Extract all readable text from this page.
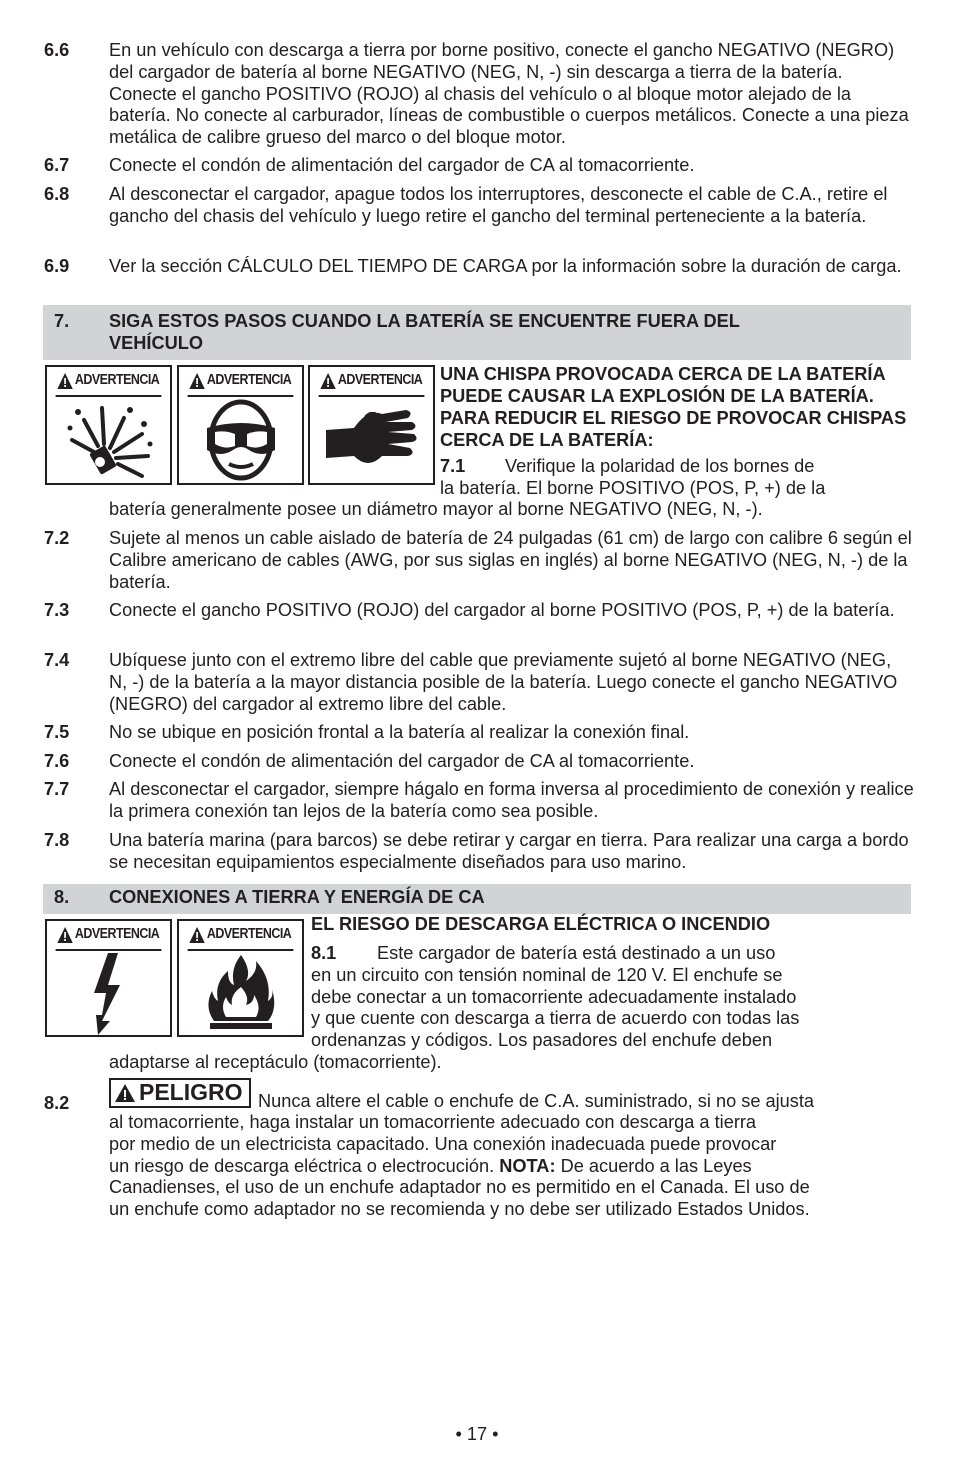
6.6 En un vehículo con descarga a tierra por borne positivo, conecte el gancho NEGATIVO (NEGRO) del cargador de batería al borne NEGATIVO (NEG, N, -) sin descarga a tierra de la batería. Conecte el gancho POSITIVO (ROJO) al chasis del vehículo o al bloque motor alejado de la batería. No conecte al carburador, líneas de combustible o cuerpos metálicos. Conecte a una pieza metálica de calibre grueso del marco o del bloque motor.
6.7 Conecte el condón de alimentación del cargador de CA al tomacorriente.
6.8 Al desconectar el cargador, apague todos los interruptores, desconecte el cable de C.A., retire el gancho del chasis del vehículo y luego retire el gancho del terminal perteneciente a la batería.
6.9 Ver la sección CÁLCULO DEL TIEMPO DE CARGA por la información sobre la duración de carga.
7. SIGA ESTOS PASOS CUANDO LA BATERÍA SE ENCUENTRE FUERA DEL VEHÍCULO
ADVERTENCIA	ADVERTENCIA	ADVERTENCIA UNA CHISPA PROVOCADA CERCA DE LA BATERÍA PUEDE CAUSAR LA EXPLOSIÓN DE LA BATERÍA. PARA REDUCIR EL RIESGO DE PROVOCAR CHISPAS CERCA DE LA BATERÍA:
7.1 Verifique la polaridad de los bornes de
la batería. El borne POSITIVO (POS, P, +) de la
batería generalmente posee un diámetro mayor al borne NEGATIVO (NEG, N, -).
7.2 Sujete al menos un cable aislado de batería de 24 pulgadas (61 cm) de largo con calibre 6 según el Calibre americano de cables (AWG, por sus siglas en inglés) al borne NEGATIVO (NEG, N, -) de la batería.
7.3 Conecte el gancho POSITIVO (ROJO) del cargador al borne POSITIVO (POS, P, +) de la batería.
7.4 Ubíquese junto con el extremo libre del cable que previamente sujetó al borne NEGATIVO (NEG, N, -) de la batería a la mayor distancia posible de la batería. Luego conecte el gancho NEGATIVO (NEGRO) del cargador al extremo libre del cable.
7.5 No se ubique en posición frontal a la batería al realizar la conexión final.
7.6 Conecte el condón de alimentación del cargador de CA al tomacorriente.
7.7 Al desconectar el cargador, siempre hágalo en forma inversa al procedimiento de conexión y realice la primera conexión tan lejos de la batería como sea posible.
7.8 Una batería marina (para barcos) se debe retirar y cargar en tierra. Para realizar una carga a bordo se necesitan equipamientos especialmente diseñados para uso marino.
8. CONEXIONES A TIERRA Y ENERGÍA DE CA
ADVERTENCIA	ADVERTENCIA
EL RIESGO DE DESCARGA ELÉCTRICA O INCENDIO
8.1 Este cargador de batería está destinado a un uso
en un circuito con tensión nominal de 120 V. El enchufe se
debe conectar a un tomacorriente adecuadamente instalado
y que cuente con descarga a tierra de acuerdo con todas las
ordenanzas y códigos. Los pasadores del enchufe deben
adaptarse al receptáculo (tomacorriente).
8.2	PELIGRO Nunca altere el cable o enchufe de C.A. suministrado, si no se ajusta
al tomacorriente, haga instalar un tomacorriente adecuado con descarga a tierra
por medio de un electricista capacitado. Una conexión inadecuada puede provocar
un riesgo de descarga eléctrica o electrocución. NOTA: De acuerdo a las Leyes
Canadienses, el uso de un enchufe adaptador no es permitido en el Canada. El uso de
un enchufe como adaptador no se recomienda y no debe ser utilizado Estados Unidos.
• 17 •
